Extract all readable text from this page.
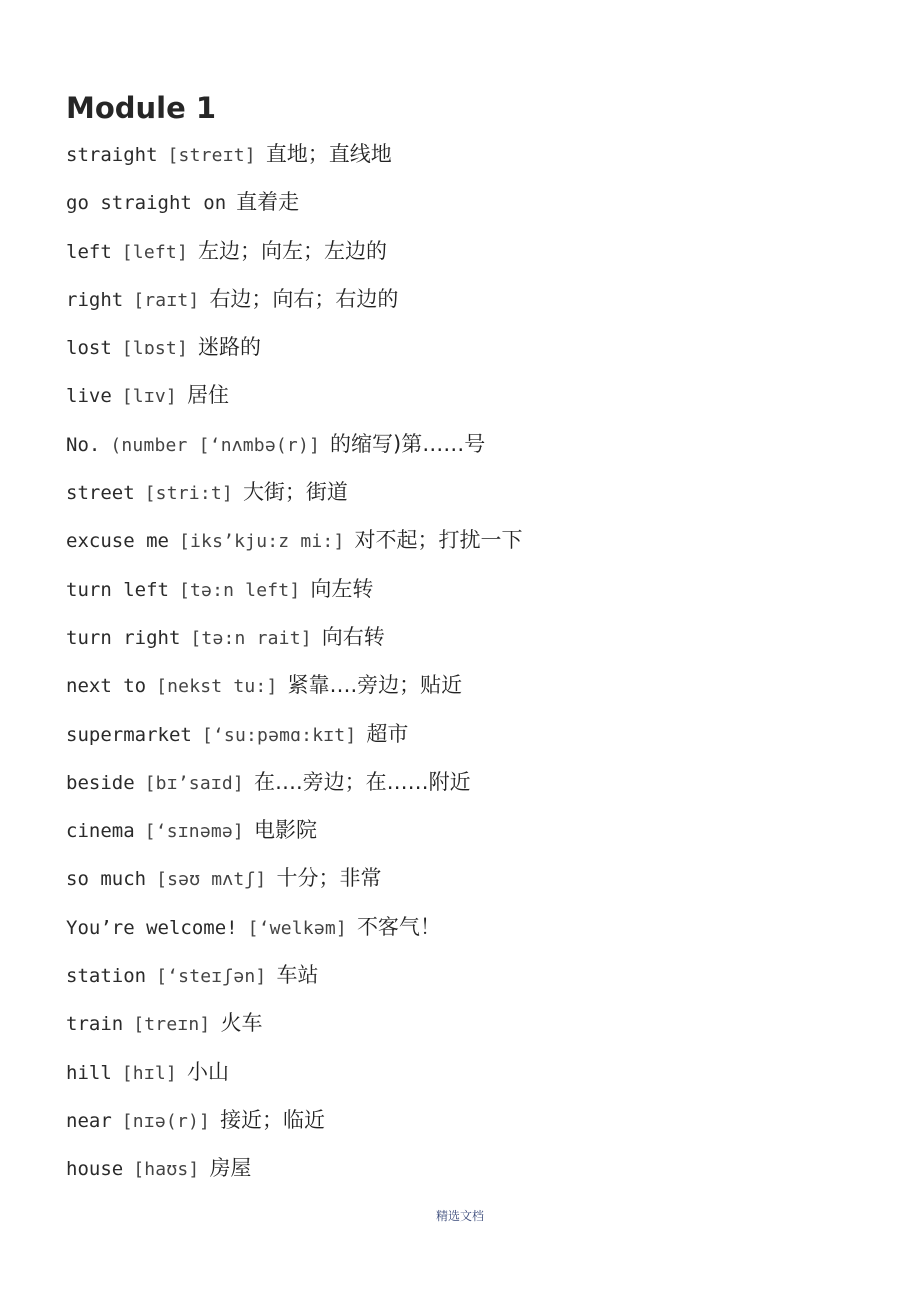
Module 1
straight [streɪt] 直地；直线地
go straight on 直着走
left [left] 左边；向左；左边的
right [raɪt] 右边；向右；右边的
lost [lɒst] 迷路的
live [lɪv] 居住
No. (number [‘nʌmbə(r)] 的缩写)第……号
street [stri:t] 大街；街道
excuse me [iks’kju:z mi:] 对不起；打扰一下
turn left [tə:n left] 向左转
turn right [tə:n rait] 向右转
next to [nekst tu:] 紧靠….旁边；贴近
supermarket [‘su:pəmɑ:kɪt] 超市
beside [bɪ’saɪd] 在….旁边；在……附近
cinema [‘sɪnəmə] 电影院
so much [səʊ mʌtʃ] 十分；非常
You’re welcome! [‘welkəm] 不客气！
station [‘steɪʃən] 车站
train [treɪn] 火车
hill [hɪl] 小山
near [nɪə(r)] 接近；临近
house [haʊs] 房屋
精选文档
